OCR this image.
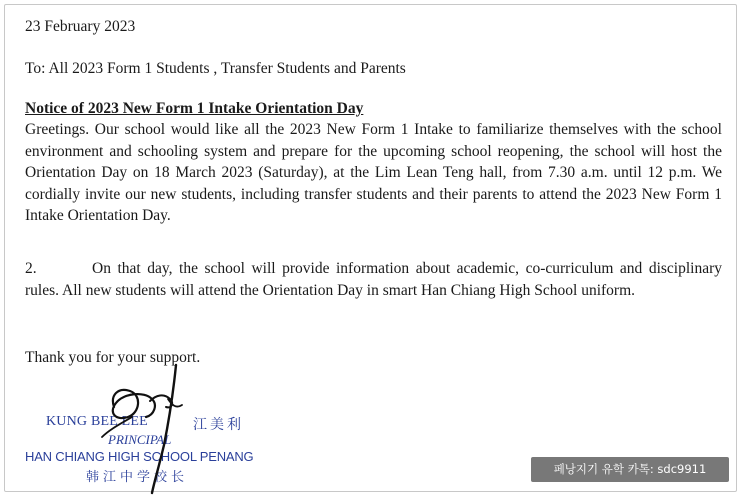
23 February 2023
To: All 2023 Form 1 Students , Transfer Students and Parents
Notice of 2023 New Form 1 Intake Orientation Day
Greetings. Our school would like all the 2023 New Form 1 Intake to familiarize themselves with the school environment and schooling system and prepare for the upcoming school reopening, the school will host the Orientation Day on 18 March 2023 (Saturday), at the Lim Lean Teng hall, from 7.30 a.m. until 12 p.m. We cordially invite our new students, including transfer students and their parents to attend the 2023 New Form 1 Intake Orientation Day.
2.	On that day, the school will provide information about academic, co-curriculum and disciplinary rules. All new students will attend the Orientation Day in smart Han Chiang High School uniform.
Thank you for your support.
KUNG BEE LEE	江美利
PRINCIPAL
HAN CHIANG HIGH SCHOOL PENANG
韩江中学校长
페낭지기 유학 카톡: sdc9911
